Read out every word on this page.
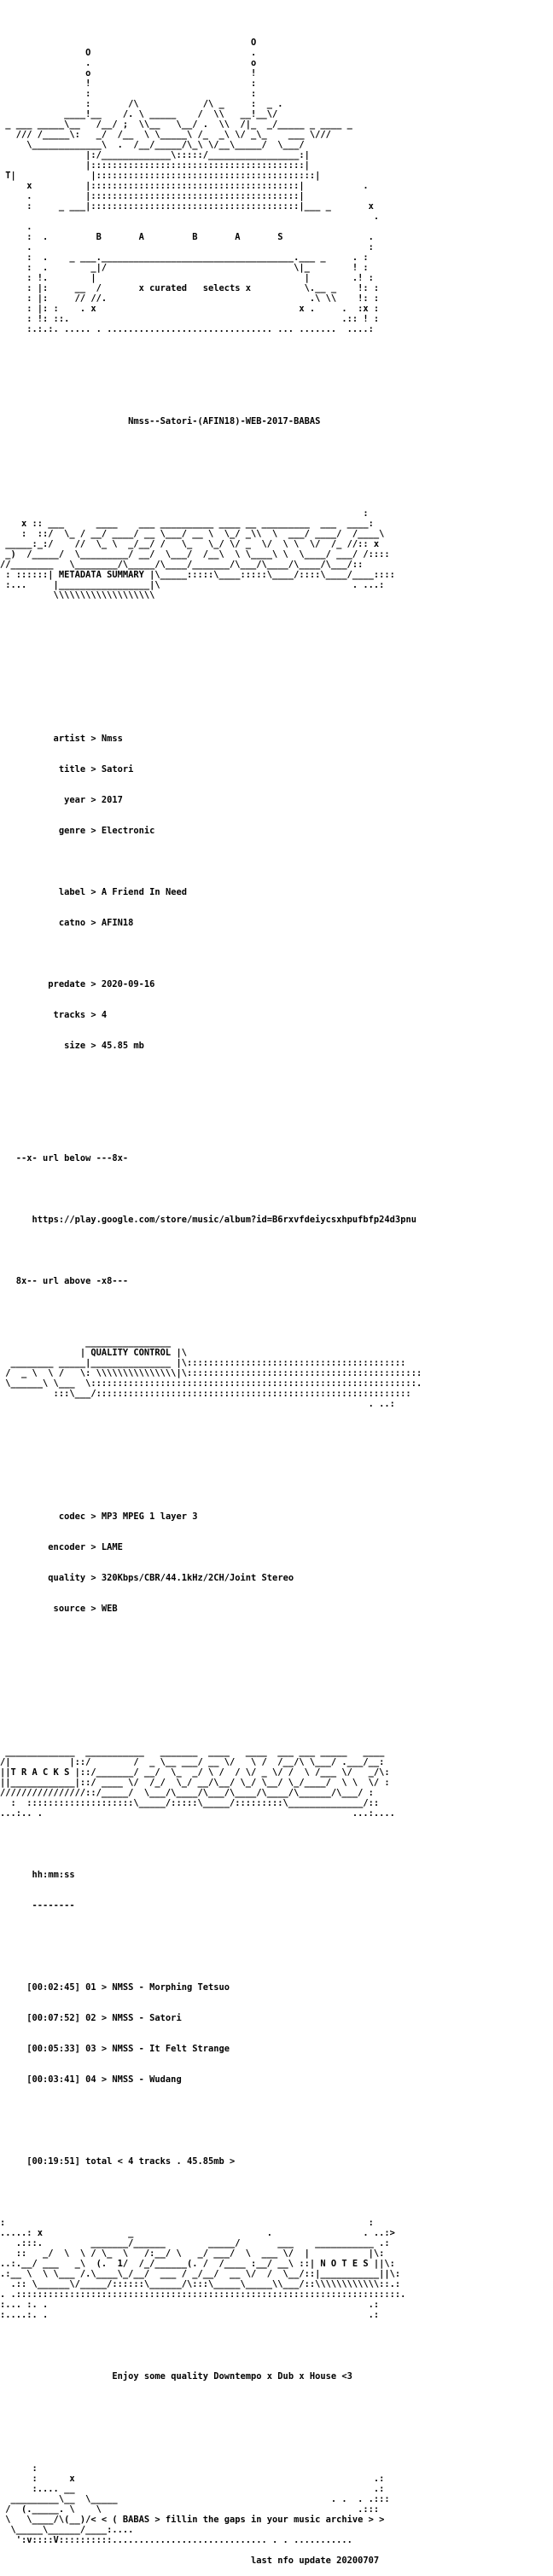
O
O                              .
.                              o
o                              !
!                              :
:                              :
:       /\            /\ _     :  _ .
____!__    /. \ _____    /  \\   __!__\/
_ ___ _____\__   /__/ ;  \\__   \__/ .  \\  /|_  _/_____ _ ____ _
/// /_____\:   _/  /__  \ \_____\ /_  _\ \/ _\_    ___ \///
\_____________\  .  /__/_____/\_\ \/__\_____/  \___/
|:/_____________\:::::/_________________:|
|::::::::::::::::::::::::::::::::::::::::|
T|              |:::::::::::::::::::::::::::::::::::::::::|
x          |:::::::::::::::::::::::::::::::::::::::|           .
.          |:::::::::::::::::::::::::::::::::::::::|
:     _ ___|:::::::::::::::::::::::::::::::::::::::|___ _       x
.
.
:  .         B       A         B       A       S                .
.                                                               :
:  .    _ ___.____________________________________.___ _     . :
:  .        _|/                                   \|_        ! :
: !.        |                                       |        .! :
: |:     __  /       x curated   selects x          \.__ _    !: :
: |:     // //.                                      .\ \\    !: :
: |: :    . x                                      x .     .  :x :
: !: ::.                                                   .:: ! :
:.:.:. ..... . ............................... ... .......  ....:

Nmss--Satori-(AFIN18)-WEB-2017-BABAS

:
x :: ___      ____    ___ __________ ____ __ _________  ___  ____:
:  ::/  \_ / __/ ____/ __ \___/ __ \  \_/ _\\  \  ___/ ____/  /____\
_____:_:/    //  \_ \  _/__/ /   \_   \_/ \/ _  \/  \ \  \/  /_ //:: x
_)  /_____/  \_________/ __/  \___/  /__\  \ \____\ \  \____/ ___/ /::::
//________   \________/\_____/\____/_______/\___/\____/\____/\___/::
: ::::::| METADATA SUMMARY |\_____:::::\____:::::\____/::::\____/____::::
:...     |_________________|\                                    . ...:
\\\\\\\\\\\\\\\\\\\

artist > Nmss

title > Satori

year > 2017

genre > Electronic

label > A Friend In Need

catno > AFIN18

predate > 2020-09-16

tracks > 4

size > 45.85 mb

--x- url below ---8x-

https://play.google.com/store/music/album?id=B6rxvfdeiycsxhpufbfp24d3pnu

8x-- url above -x8---

________________
| QUALITY CONTROL |\
________ _____|_______________ |\:::::::::::::::::::::::::::::::::::::::::
/  _ \  \ /   \: \\\\\\\\\\\\\\\|\::::::::::::::::::::::::::::::::::::::::::::
\______\ \___  \:::::::::::::::::::::::::::::::::::::::::::::::::::::::::::::.
:::\___/:::::::::::::::::::::::::::::::::::::::::::::::::::::::::::
. ..:

codec > MP3 MPEG 1 layer 3

encoder > LAME

quality > 320Kbps/CBR/44.1kHz/2CH/Joint Stereo

source > WEB

_____________  ___________   _______  ____   ____  ___ ___ _____   ____
/|           |::/        /  _ \__ ___/ __ \/   \ /  /__/\ \___/ .___/__:
||T R A C K S |::/_______/ __/  \_  _/ \ /  / \/ _ \/ /  \ /___ \/   _/\:
||____________|::/ ____ \/  /_/  \_/ __/\__/ \_/ \__/ \_/____/  \ \  \/ :
////////////////::/_____/  \___/\____/\___/\____/\____/\______/\___/ :
:  ::::::::::::::::::::\_____/:::::\_____/:::::::::\______________/::
...:.. .                                                          ...:....

hh:mm:ss

--------

[00:02:45] 01 > NMSS - Morphing Tetsuo

[00:07:52] 02 > NMSS - Satori

[00:05:33] 03 > NMSS - It Felt Strange

[00:03:41] 04 > NMSS - Wudang

[00:19:51] total < 4 tracks . 45.85mb >

:                                                                    :
.....: x                _                         .                 . ..:>
.:::.         _______/______        _____/       ___    ___________ .:
::   _/  \  \ / \_  \   /:__/ \   _/ ___/  \  ___ \/  |           |\:
..:.__/ ___   _\  (.  1/  /_/______(. /  /____ :__/ __\ ::| N O T E S ||\:
.:__ \  \ \___ /.\____\_/__/  ___ / _/__/  __ \/  /  \__/::|___________||\:
.:: \______\/_____/::::::\______/\:::\_____\_____\\___/::\\\\\\\\\\\\::.:
. .::::::::::::::::::::::::::::::::::::::::::::::::::::::::::::::::::::::::.
:... :. .                                                            .:
:....:. .                                                            .:

Enjoy some quality Downtempo x Dub x House <3

:
:      x                                                        .:
:.... __                                                        .:
_________\__  \_____                                        . .  . .:::
/  (._____. \    \                                                .:::
\   \____/\(__)/< < ( BABAS > fillin the gaps in your music archive > >
\_____\______/____:....
':v::::V::::::::::............................. . . ...........

last nfo update 20200707
